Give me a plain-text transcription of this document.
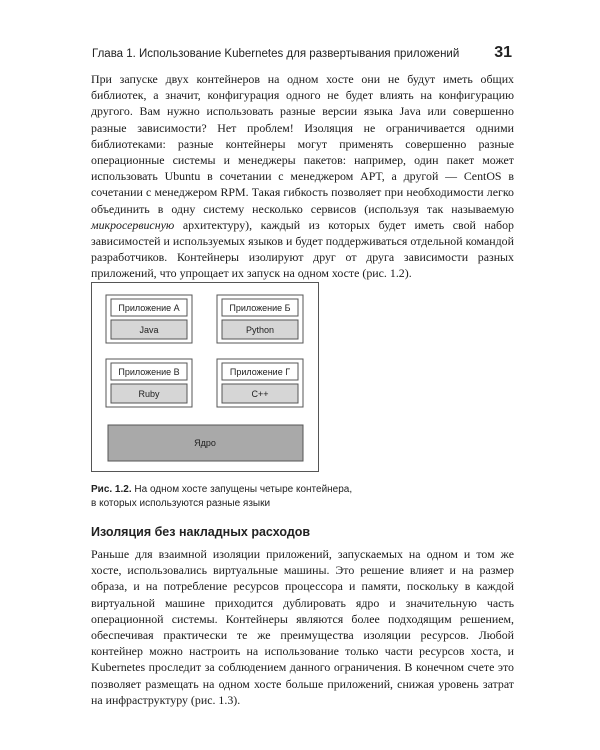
Глава 1. Использование Kubernetes для развертывания приложений 31

При запуске двух контейнеров на одном хосте они не будут иметь общих библиотек, а значит, конфигурация одного не будет влиять на конфигурацию другого. Вам нужно использовать разные версии языка Java или совершенно разные зависимости? Нет проблем! Изоляция не ограничивается одними библиотеками: разные контейнеры могут применять совершенно разные операционные системы и менеджеры пакетов: например, один пакет может использовать Ubuntu в сочетании с менеджером APT, а другой — CentOS в сочетании с менеджером RPM. Такая гибкость позволяет при необходимости легко объединить в одну систему несколько сервисов (используя так называемую микросервисную архитектуру), каждый из которых будет иметь свой набор зависимостей и используемых языков и будет поддерживаться отдельной командой разработчиков. Контейнеры изолируют друг от друга зависимости разных приложений, что упрощает их запуск на одном хосте (рис. 1.2).

Приложение А
Java
Приложение Б
Python
Приложение В
Ruby
Приложение Г
C++
Ядро
Рис. 1.2. На одном хосте запущены четыре контейнера,
в которых используются разные языки
Изоляция без накладных расходов

Раньше для взаимной изоляции приложений, запускаемых на одном и том же хосте, использовались виртуальные машины. Это решение влияет и на размер образа, и на потребление ресурсов процессора и памяти, поскольку в каждой виртуальной машине приходится дублировать ядро и значительную часть операционной системы. Контейнеры являются более подходящим решением, обеспечивая практически те же преимущества изоляции ресурсов. Любой контейнер можно настроить на использование только части ресурсов хоста, и Kubernetes проследит за соблюдением данного ограничения. В конечном счете это позволяет размещать на одном хосте больше приложений, снижая уровень затрат на инфраструктуру (рис. 1.3).
